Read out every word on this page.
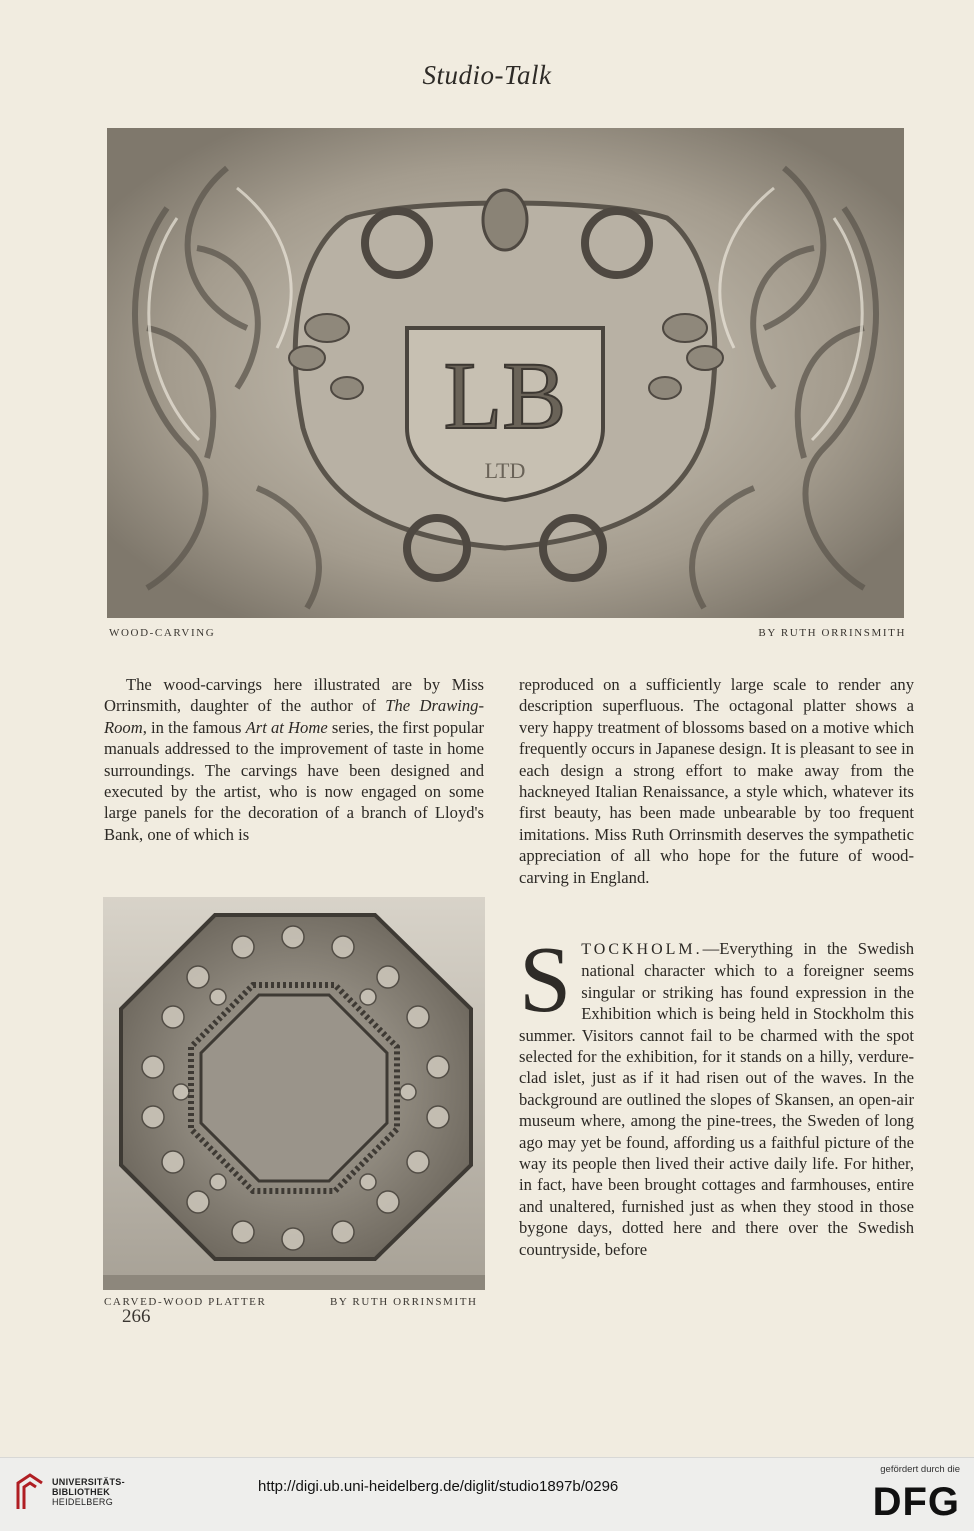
Studio-Talk
LB
LTD
WOOD-CARVING	BY RUTH ORRINSMITH

The wood-carvings here illustrated are by Miss Orrinsmith, daughter of the author of The Drawing-Room, in the famous Art at Home series, the first popular manuals addressed to the improvement of taste in home surroundings. The carvings have been designed and executed by the artist, who is now engaged on some large panels for the decoration of a branch of Lloyd's Bank, one of which is

reproduced on a sufficiently large scale to render any description superfluous. The octagonal platter shows a very happy treatment of blossoms based on a motive which frequently occurs in Japanese design. It is pleasant to see in each design a strong effort to make away from the hackneyed Italian Renaissance, a style which, whatever its first beauty, has been made unbearable by too frequent imitations. Miss Ruth Orrinsmith deserves the sympathetic appreciation of all who hope for the future of wood-carving in England.

STOCKHOLM.—Everything in the Swedish national character which to a foreigner seems singular or striking has found expression in the Exhibition which is being held in Stockholm this summer. Visitors cannot fail to be charmed with the spot selected for the exhibition, for it stands on a hilly, verdure-clad islet, just as if it had risen out of the waves. In the background are outlined the slopes of Skansen, an open-air museum where, among the pine-trees, the Sweden of long ago may yet be found, affording us a faithful picture of the way its people then lived their active daily life. For hither, in fact, have been brought cottages and farmhouses, entire and unaltered, furnished just as when they stood in those bygone days, dotted here and there over the Swedish countryside, before

CARVED-WOOD PLATTER	BY RUTH ORRINSMITH
266
UNIVERSITÄTS-
BIBLIOTHEK
HEIDELBERG
http://digi.ub.uni-heidelberg.de/diglit/studio1897b/0296
gefördert durch die
DFG
